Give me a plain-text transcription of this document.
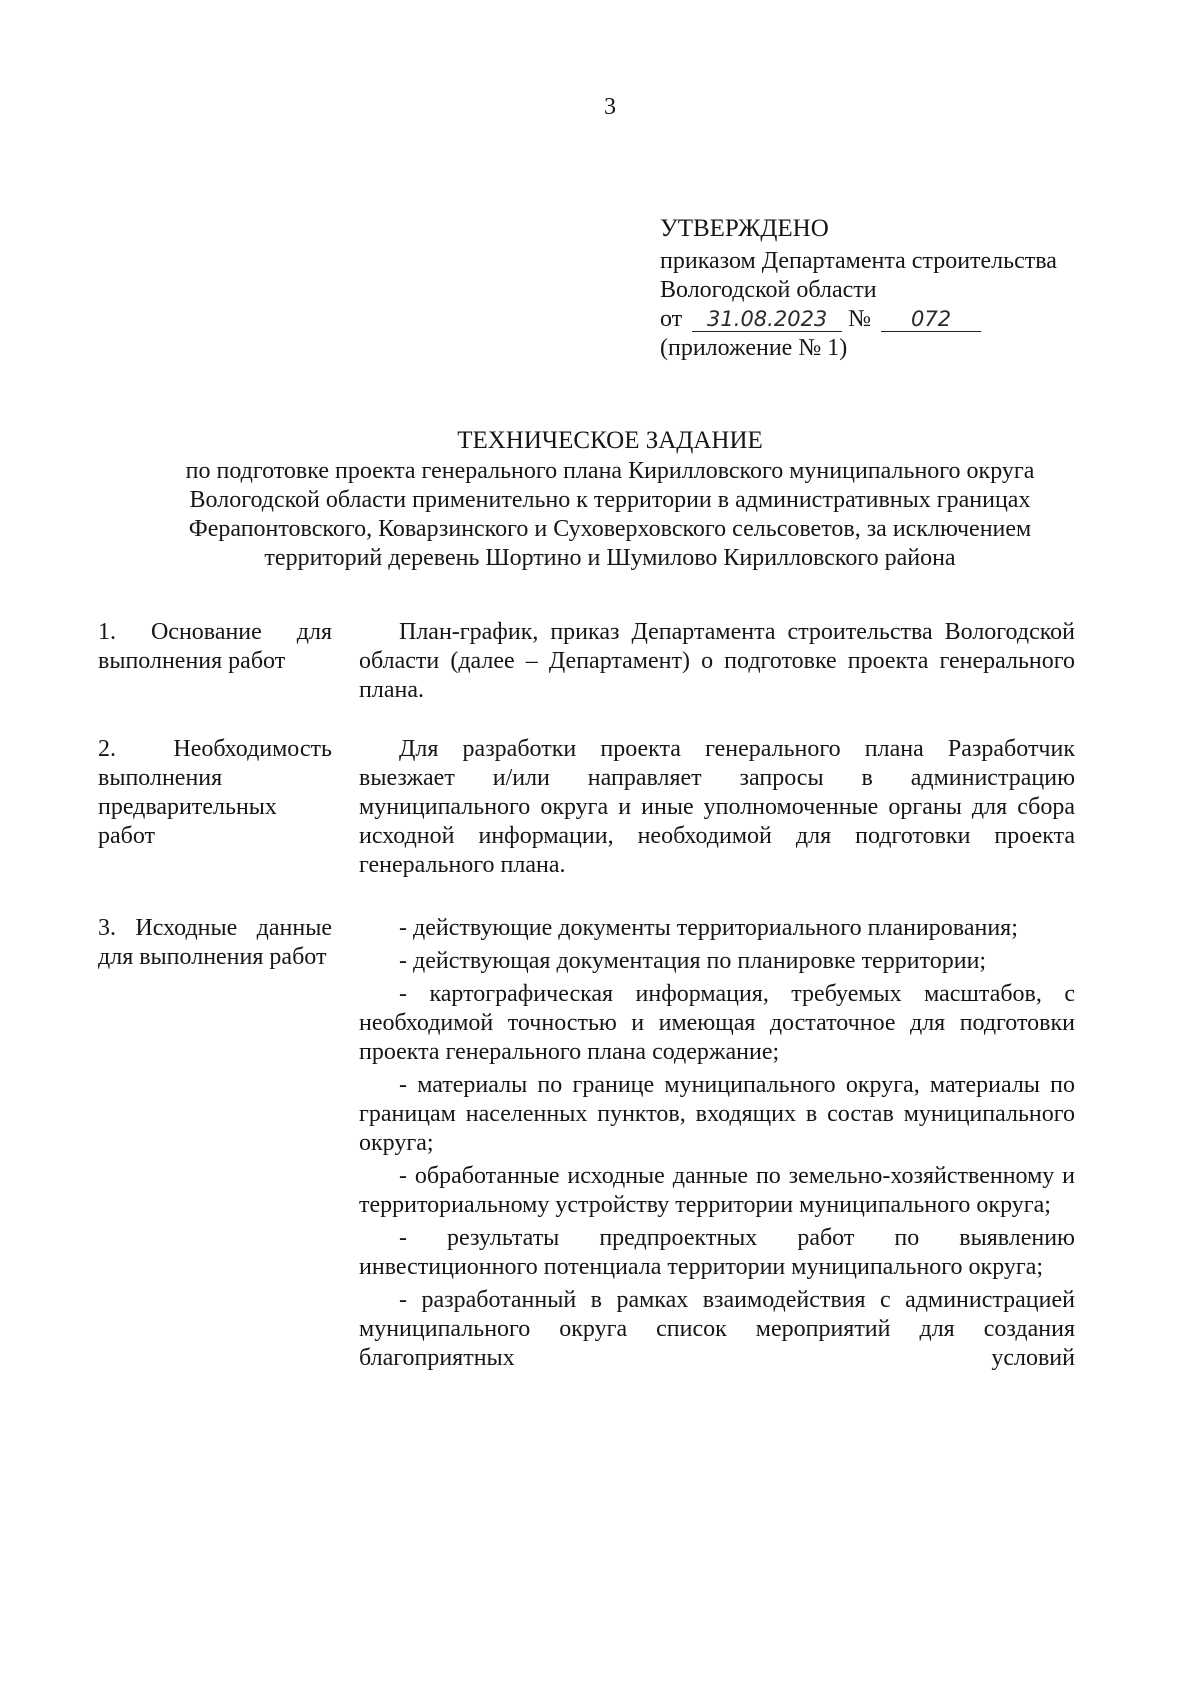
3
УТВЕРЖДЕНО
приказом Департамента строительства
Вологодской области
от 31.08.2023 № 072
(приложение № 1)
ТЕХНИЧЕСКОЕ ЗАДАНИЕ
по подготовке проекта генерального плана Кирилловского муниципального округа
Вологодской области применительно к территории в административных границах
Ферапонтовского, Коварзинского и Суховерховского сельсоветов, за исключением
территорий деревень Шортино и Шумилово Кирилловского района
1. Основание для выполнения работ

План-график, приказ Департамента строительства Вологодской области (далее – Департамент) о подготовке проекта генерального плана.

2. Необходимость выполнения предварительных работ

Для разработки проекта генерального плана Разработчик выезжает и/или направляет запросы в администрацию муниципального округа и иные уполномоченные органы для сбора исходной информации, необходимой для подготовки проекта генерального плана.

3. Исходные данные для выполнения работ
- действующие документы территориального планирования;
- действующая документация по планировке территории;
- картографическая информация, требуемых масштабов, с необходимой точностью и имеющая достаточное для подготовки проекта генерального плана содержание;
- материалы по границе муниципального округа, материалы по границам населенных пунктов, входящих в состав муниципального округа;
- обработанные исходные данные по земельно-хозяйственному и территориальному устройству территории муниципального округа;
- результаты предпроектных работ по выявлению инвестиционного потенциала территории муниципального округа;
- разработанный в рамках взаимодействия с администрацией муниципального округа список мероприятий для создания благоприятных условий
